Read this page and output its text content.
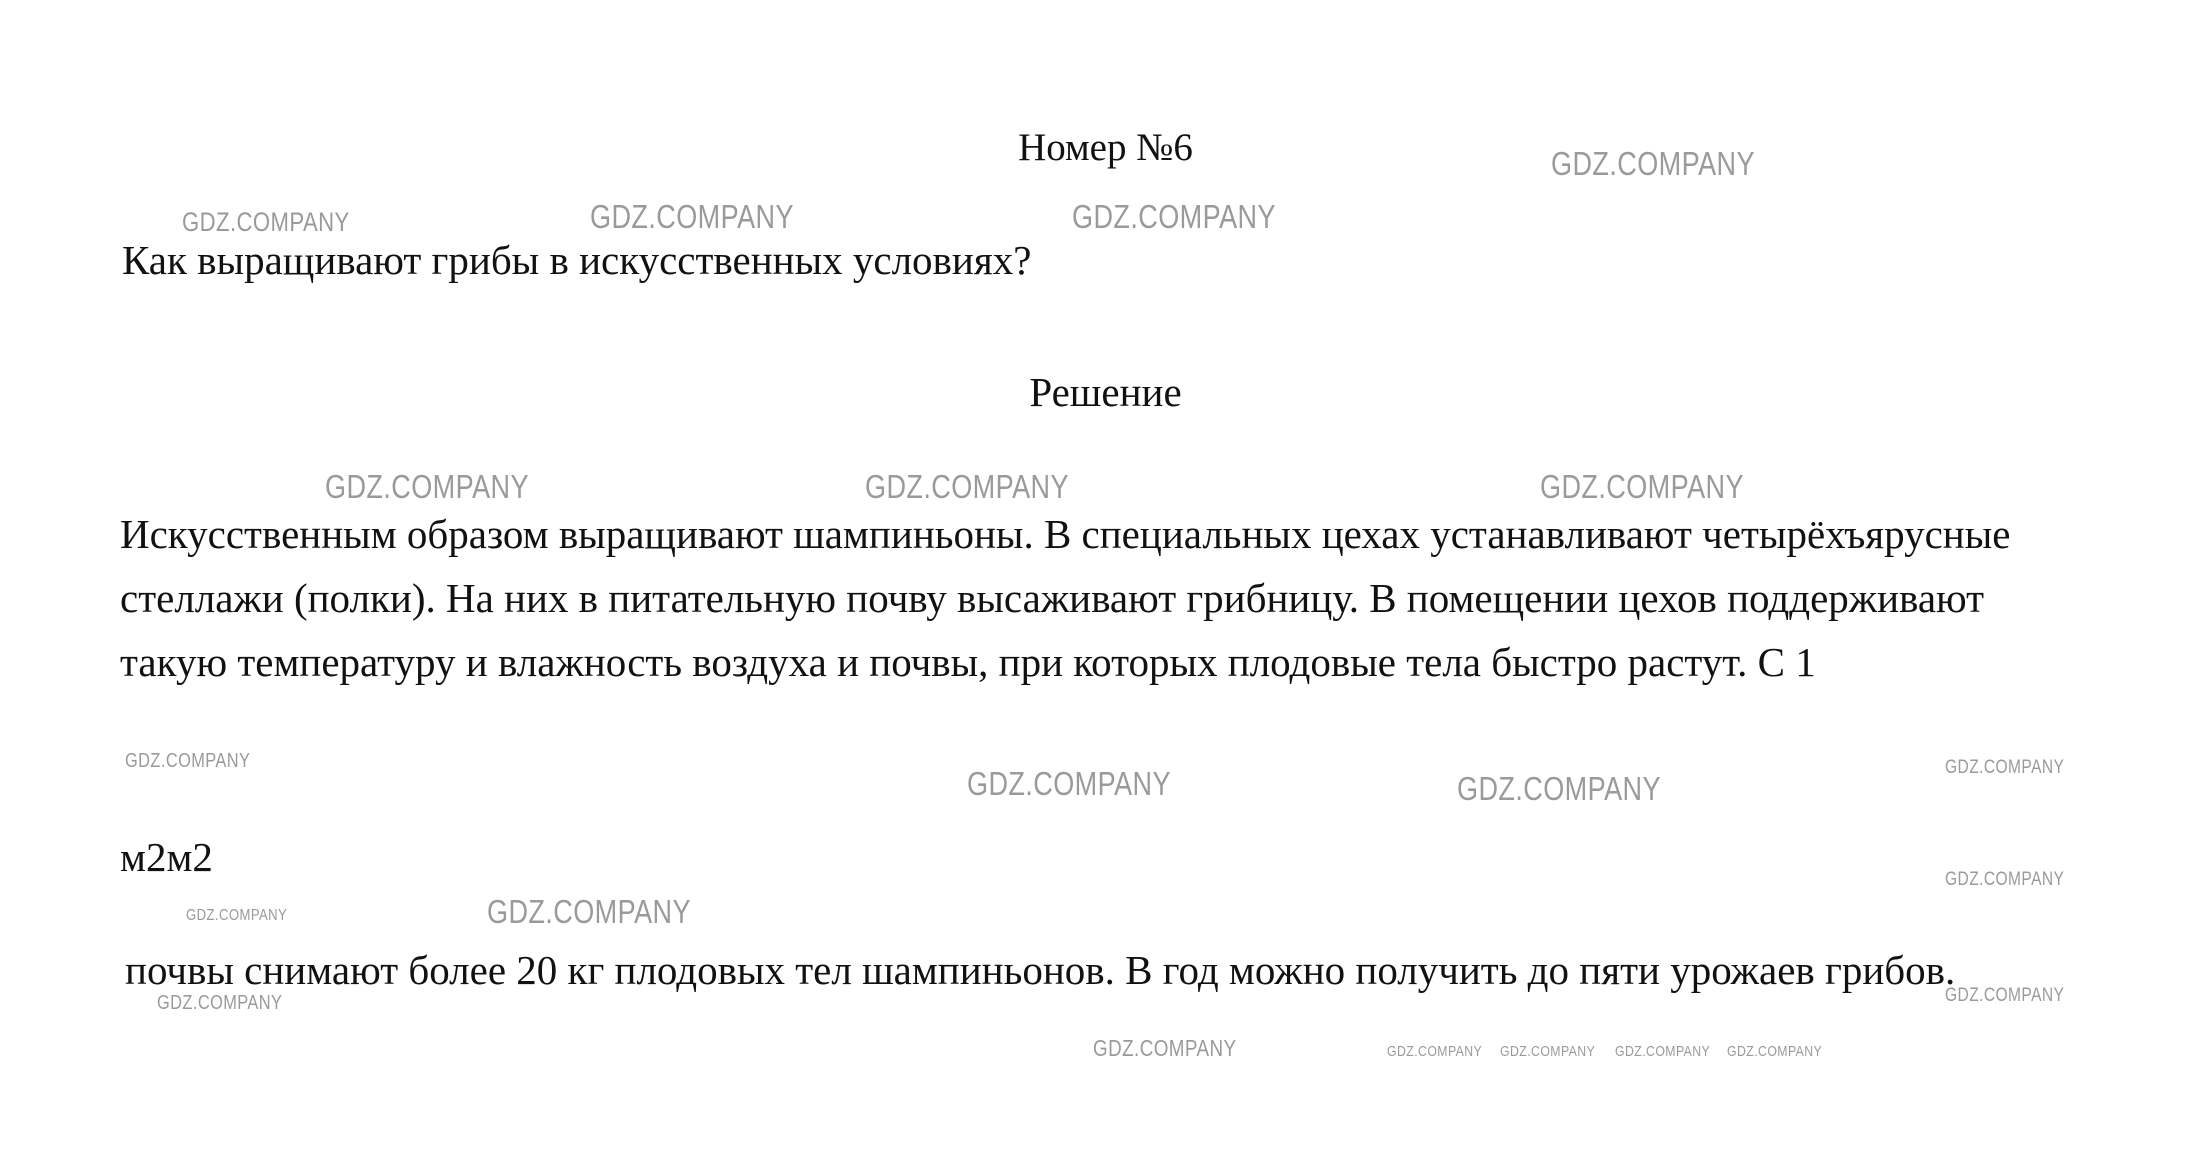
Номер №6
Как выращивают грибы в искусственных условиях?
Решение
Искусственным образом выращивают шампиньоны. В специальных цехах устанавливают четырёхъярусные стеллажи (полки). На них в питательную почву высаживают грибницу. В помещении цехов поддерживают такую температуру и влажность воздуха и почвы, при которых плодовые тела быстро растут. С 1
м2м2
почвы снимают более 20 кг плодовых тел шампиньонов. В год можно получить до пяти урожаев грибов.
GDZ.COMPANY	GDZ.COMPANY	GDZ.COMPANY
GDZ.COMPANY
GDZ.COMPANY	GDZ.COMPANY	GDZ.COMPANY
GDZ.COMPANY
GDZ.COMPANY	GDZ.COMPANY
GDZ.COMPANY
GDZ.COMPANY	GDZ.COMPANY
GDZ.COMPANY
GDZ.COMPANY	GDZ.COMPANY
GDZ.COMPANY	GDZ.COMPANY GDZ.COMPANY GDZ.COMPANY GDZ.COMPANY
